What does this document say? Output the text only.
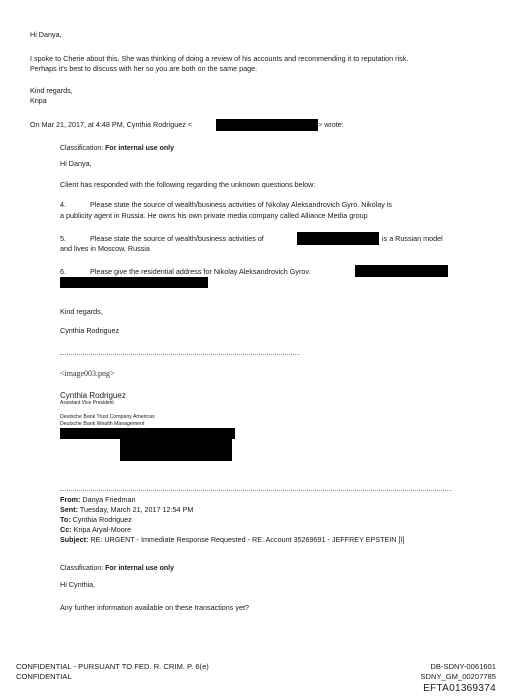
Hi Danya,
I spoke to Cherie about this. She was thinking of doing a review of his accounts and recommending it to reputation risk.
Perhaps it's best to discuss with her so you are both on the same page.
Kind regards,
Kripa
On Mar 21, 2017, at 4:48 PM, Cynthia Rodriguez <	> wrote:
Classification: For internal use only
Hi Danya,
Client has responded with the following regarding the unknown questions below:
4.	Please state the source of wealth/business activities of Nikolay Aleksandrovich Gyro. Nikolay is
a publicity agent in Russia. He owns his own private media company called Alliance Media group
5.	Please state the source of wealth/business activities of	is a Russian model
and lives in Moscow, Russia
6.	Please give the residential address for Nikolay Aleksandrovich Gyrov.
Kind regards,
Cynthia Rodriguez
<image003.png>
Cynthia Rodriguez
Assistant Vice President
Deutsche Bank Trust Company Americas
Deutsche Bank Wealth Management
From: Danya Friedman
Sent: Tuesday, March 21, 2017 12:54 PM
To: Cynthia Rodriguez
Cc: Kripa Aryal-Moore
Subject: RE: URGENT - Immediate Response Requested - RE: Account 35269691 - JEFFREY EPSTEIN [I]
Classification: For internal use only
Hi Cynthia,
Any further information available on these transactions yet?
CONFIDENTIAL - PURSUANT TO FED. R. CRIM. P. 6(e)
CONFIDENTIAL
DB-SDNY-0061601
SDNY_GM_00207785
EFTA01369374
